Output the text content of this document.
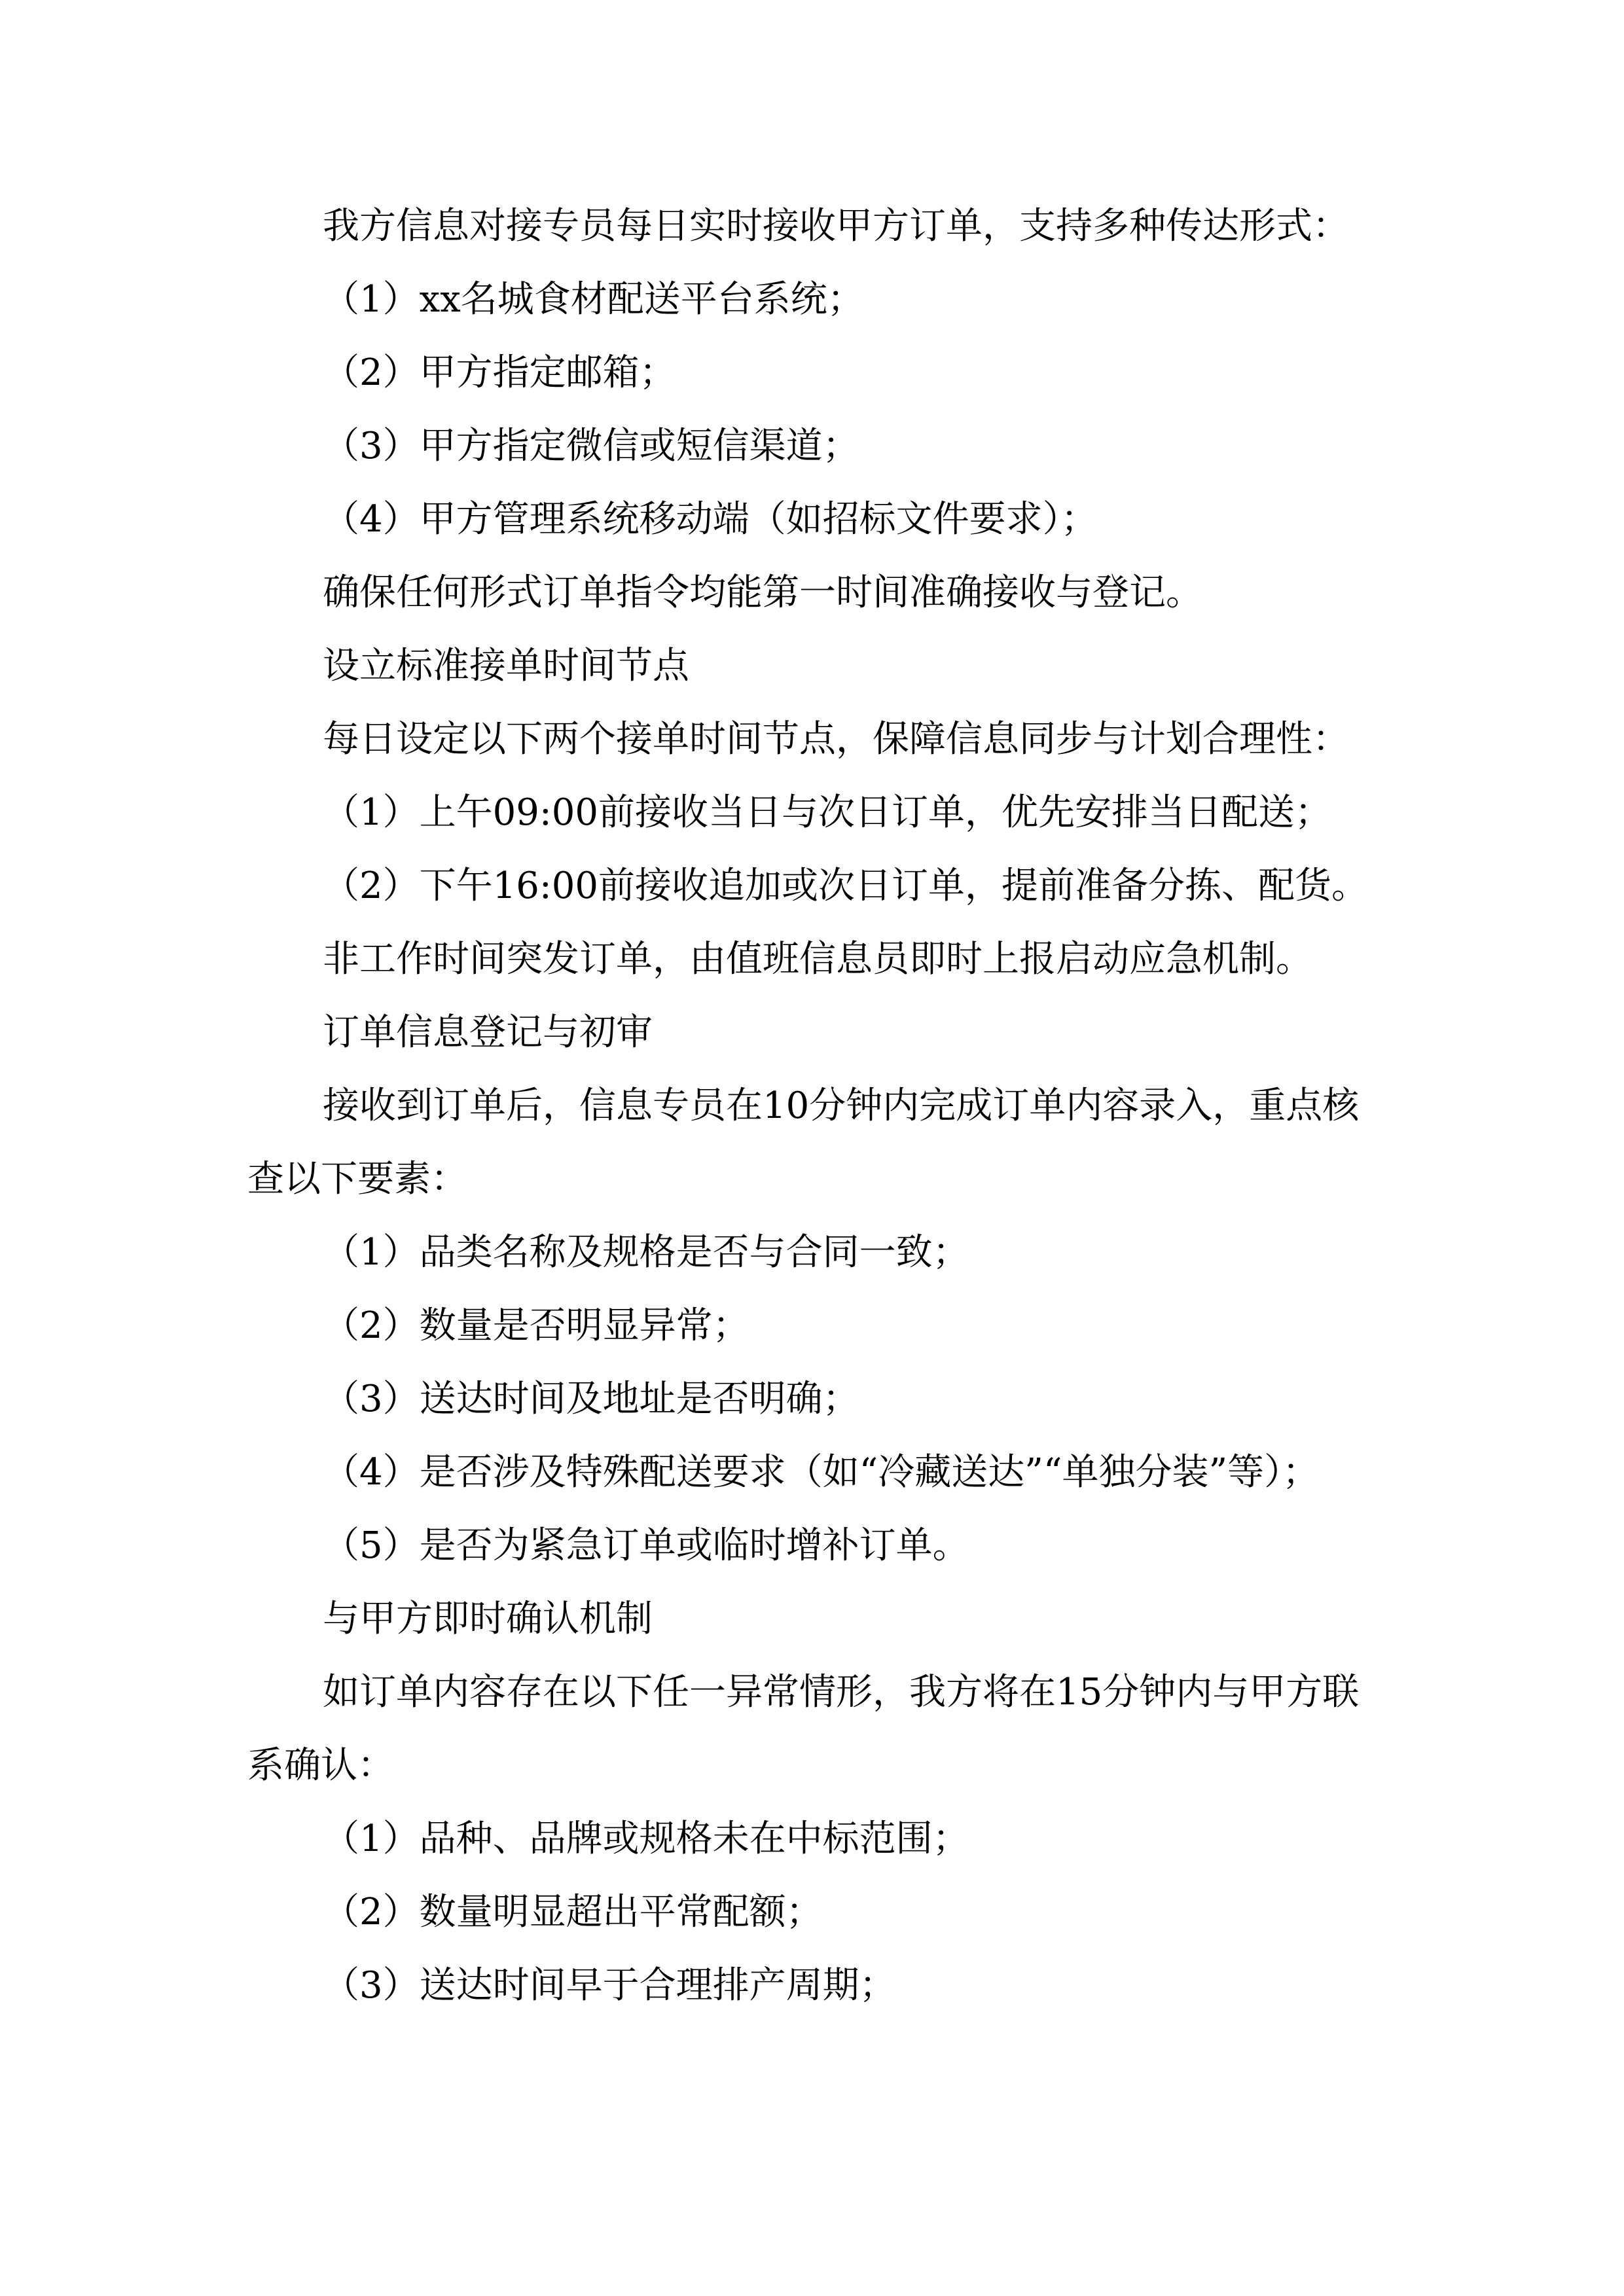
我方信息对接专员每日实时接收甲方订单，支持多种传达形式：
（1）xx名城食材配送平台系统；
（2）甲方指定邮箱；
（3）甲方指定微信或短信渠道；
（4）甲方管理系统移动端（如招标文件要求）；
确保任何形式订单指令均能第一时间准确接收与登记。
设立标准接单时间节点
每日设定以下两个接单时间节点，保障信息同步与计划合理性：
（1）上午09:00前接收当日与次日订单，优先安排当日配送；
（2）下午16:00前接收追加或次日订单，提前准备分拣、配货。
非工作时间突发订单，由值班信息员即时上报启动应急机制。
订单信息登记与初审
接收到订单后，信息专员在10分钟内完成订单内容录入，重点核查以下要素：
（1）品类名称及规格是否与合同一致；
（2）数量是否明显异常；
（3）送达时间及地址是否明确；
（4）是否涉及特殊配送要求（如“冷藏送达”“单独分装”等）；
（5）是否为紧急订单或临时增补订单。
与甲方即时确认机制
如订单内容存在以下任一异常情形，我方将在15分钟内与甲方联系确认：
（1）品种、品牌或规格未在中标范围；
（2）数量明显超出平常配额；
（3）送达时间早于合理排产周期；
